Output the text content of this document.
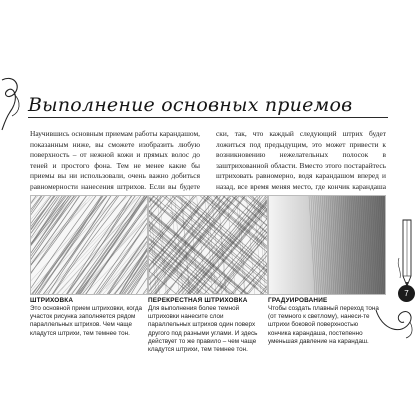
Выполнение основных приемов
Научившись основным приемам работы карандашом, показанным ниже, вы сможете изобразить любую поверхность – от нежной кожи и прямых волос до теней и простого фона. Тем не менее какие бы приемы вы ни использовали, очень важно добиться равномерности нанесения штрихов. Если вы будете
ски, так, что каждый следующий штрих будет ложиться под предыдущим, это может привести к возникновению нежелательных полосок в заштрихованной области. Вместо этого постарайтесь штриховать равномерно, водя карандашом вперед и назад, все время меняя место, где кончик карандаша
ШТРИХОВКА
Это основной прием штриховки, когда участок рисунка заполняется рядом параллельных штрихов. Чем чаще кладутся штрихи, тем темнее тон.
ПЕРЕКРЕСТНАЯ ШТРИХОВКА
Для выполнения более темной штриховки нанесите слои параллельных штрихов один поверх другого под разными углами. И здесь действует то же правило – чем чаще кладутся штрихи, тем темнее тон.
ГРАДУИРОВАНИЕ
Чтобы создать плавный переход тона (от темного к светлому), нанеси-те штрихи боковой поверхностью кончика карандаша, постепенно уменьшая давление на карандаш.
7
